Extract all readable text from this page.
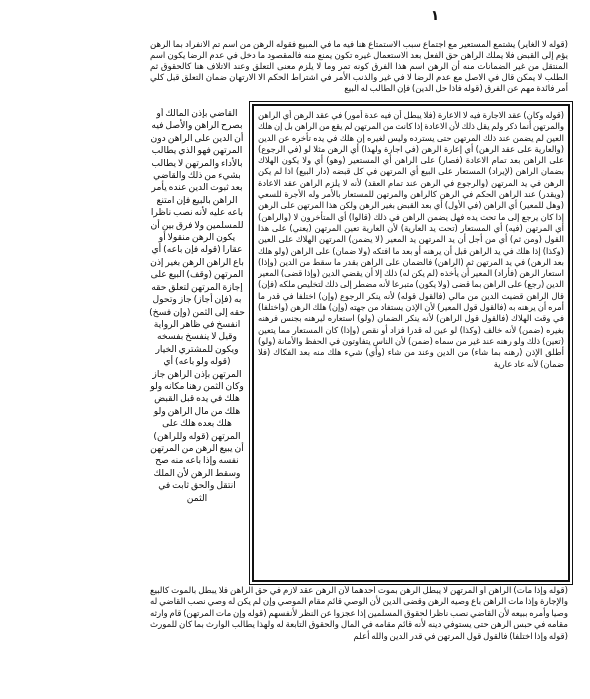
١

(قوله لا الغاير) يشتمع المستعير مع اجتماع سبب الاستمتاع هنا فيه ما في المبيع فقوله الرهن من اسم تم الانفراد بما الرهن يؤم إلى القبض فلا يملك الراهن حق الفعل بعد الاستعمال غيره تكون يمنع منه فالمقصود ما دخل في عدم الرضا يكون اسم المنتقل من غير الضمانات منه أن الرهن اسم هذا الفرق كونه تمر وما لا يلزم معنى التعلق وعند الاتلاف هنا كالحقوق ثم الطلب لا يمكن قال في الاصل مع عدم الرضا لا في غير والذنب الأمر في اشتراط الحكم الا الارتهان ضمان التعلق قبل كلي أمر فائدة مهم عن الفرق (قوله فاذا حل الدين) فإن الطالب له البيع

(قوله وكان) عقد الاجارة فيه لا الاعارة (فلا يبطل أن فيه عدة أمور) في عقد الرهن أي الراهن والمرتهن أنما ذكر ولم يقل ذلك لأن الاعادة إذا كانت من المرتهن لم يقع من الراهن بل إن هلك العين لم يضمن عند ذلك المرتهن حتى يسترده وليس لغيره إن هلك في يده تأخره عن الدين (والعارية على عقد الرهن) أي إعارة الرهن (في اجارة ولهذا) أي الرهن مثلا لو (في الرجوع) على الراهن بعد تمام الاعادة (فصار) على الراهن أي المستعير (وهو) أي ولا يكون الهلاك بضمان الراهن (لإيراد) المستعار على البيع أي المرتهن في كل قبضه (دار البيع) اذا لم يكن الرهن في يد المرتهن (والرجوع في الرهن عند تمام العقد) لأنه لا يلزم الراهن عقد الاعادة (ويقدر) عند الراهن الحكم في الرهن كالراهن والمرتهن للمستعار بالأمر وله الأجرة للسعي (وهل للمعير) أي الراهن (في الأول) أي بعد القبض بغير الرهن ولكن هذا المرتهن على الرهن إذا كان يرجع إلى ما تحت يده فهل يضمن الراهن في ذلك (قالوا) أي المتأخرون لا (والراهن) أي المرتهن (فيه) أي المستعار (تحت يد العارية) لأن العارية تعين المرتهن (يعني) على هذا القول (ومن ثم) أي من أجل أن يد المرتهن يد المعير (لا يضمن) المرتهن الهلاك على العين (وكذا) إذا هلك في يد الراهن قبل أن يرهنه أو بعد ما افتكه (ولا ضمان) على الراهن (ولو هلك بعد الرهن) في يد المرتهن ثم (الراهن) فالضمان على الراهن بقدر ما سقط من الدين (وإذا) استعار الرهن (فأراد) المعير أن يأخذه (لم يكن له) ذلك إلا أن يقضي الدين (وإذا قضى) المعير الدين (رجع) على الراهن بما قضى (ولا يكون) متبرعا لأنه مضطر إلى ذلك لتخليص ملكه (فإن) قال الراهن قضيت الدين من مالي (فالقول قوله) لأنه ينكر الرجوع (وإن) اختلفا في قدر ما أمره أن يرهنه به (فالقول قول المعير) لأن الإذن يستفاد من جهته (وإن) هلك الرهن (واختلفا) في وقت الهلاك (فالقول قول الراهن) لأنه ينكر الضمان (ولو) استعاره ليرهنه بجنس فرهنه بغيره (ضمن) لأنه خالف (وكذا) لو عين له قدرا فزاد أو نقص (وإذا) كان المستعار مما يتعين (تعين) ذلك ولو رهنه عند غير من سماه (ضمن) لأن الناس يتفاوتون في الحفظ والأمانة (ولو) أطلق الإذن (رهنه بما شاء) من الدين وعند من شاء (وأي) شيء هلك منه بعد الفكاك (فلا ضمان) لأنه عاد عارية

القاضي بإذن المالك أو بصرح الراهن والأصل فيه أن الدين على الراهن دون المرتهن فهو الذي يطالب بالأداء والمرتهن لا يطالب بشيء من ذلك والقاضي بعد ثبوت الدين عنده يأمر الراهن بالبيع فإن امتنع باعه عليه لأنه نصب ناظرا للمسلمين ولا فرق بين أن يكون الرهن منقولا أو عقارا (قوله فإن باعه) أي باع الراهن الرهن بغير إذن المرتهن (وقف) البيع على إجازة المرتهن لتعلق حقه به (فإن أجاز) جاز وتحول حقه إلى الثمن (وإن فسخ) انفسخ في ظاهر الرواية وقيل لا ينفسخ بفسخه ويكون للمشتري الخيار (قوله ولو باعه) أي المرتهن بإذن الراهن جاز وكان الثمن رهنا مكانه ولو هلك في يده قبل القبض هلك من مال الراهن ولو هلك بعده هلك على المرتهن (قوله وللراهن) أن يبيع الرهن من المرتهن نفسه وإذا باعه منه صح وسقط الرهن لأن الملك انتقل والحق ثابت في الثمن

(قوله وإذا مات) الراهن أو المرتهن لا يبطل الرهن بموت أحدهما لأن الرهن عقد لازم في حق الراهن فلا يبطل بالموت كالبيع والإجارة وإذا مات الراهن باع وصيه الرهن وقضى الدين لأن الوصي قائم مقام الموصي وإن لم يكن له وصي نصب القاضي له وصيا وأمره ببيعه لأن القاضي نصب ناظرا لحقوق المسلمين إذا عجزوا عن النظر لأنفسهم (قوله وإن مات المرتهن) قام وارثه مقامه في حبس الرهن حتى يستوفي دينه لأنه قائم مقامه في المال والحقوق التابعة له ولهذا يطالب الوارث بما كان للمورث (قوله وإذا اختلفا) فالقول قول المرتهن في قدر الدين والله أعلم
